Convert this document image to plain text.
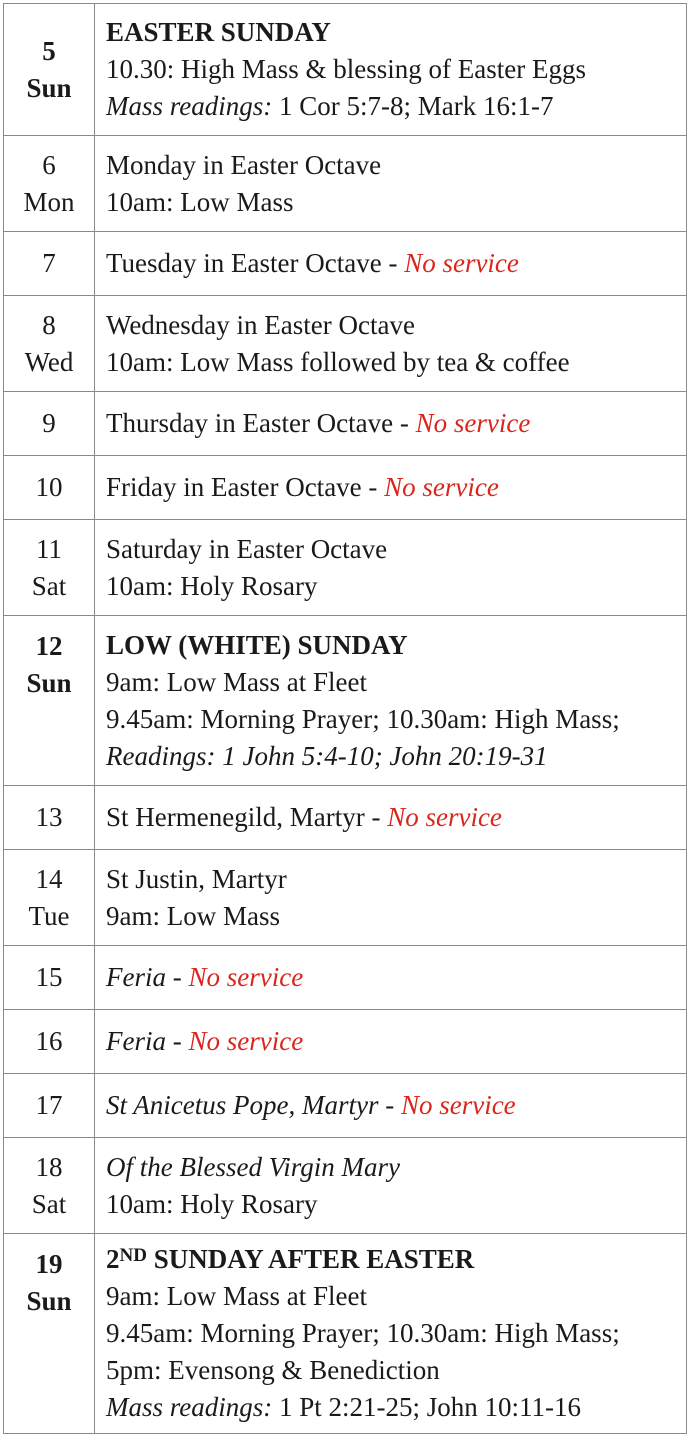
5
Sun	EASTER SUNDAY
10.30: High Mass & blessing of Easter Eggs
Mass readings: 1 Cor 5:7-8; Mark 16:1-7

6
Mon	Monday in Easter Octave
10am: Low Mass

7	Tuesday in Easter Octave - No service

8
Wed	Wednesday in Easter Octave
10am: Low Mass followed by tea & coffee

9	Thursday in Easter Octave - No service

10	Friday in Easter Octave - No service

11
Sat	Saturday in Easter Octave
10am: Holy Rosary

12
Sun	LOW (WHITE) SUNDAY
9am: Low Mass at Fleet
9.45am: Morning Prayer; 10.30am: High Mass; Readings: 1 John 5:4-10; John 20:19-31

13	St Hermenegild, Martyr - No service

14
Tue	St Justin, Martyr
9am: Low Mass

15	Feria - No service

16	Feria - No service

17	St Anicetus Pope, Martyr - No service

18
Sat	Of the Blessed Virgin Mary
10am: Holy Rosary

19
Sun	2ND SUNDAY AFTER EASTER
9am: Low Mass at Fleet
9.45am: Morning Prayer; 10.30am: High Mass; 5pm: Evensong & Benediction
Mass readings: 1 Pt 2:21-25; John 10:11-16
